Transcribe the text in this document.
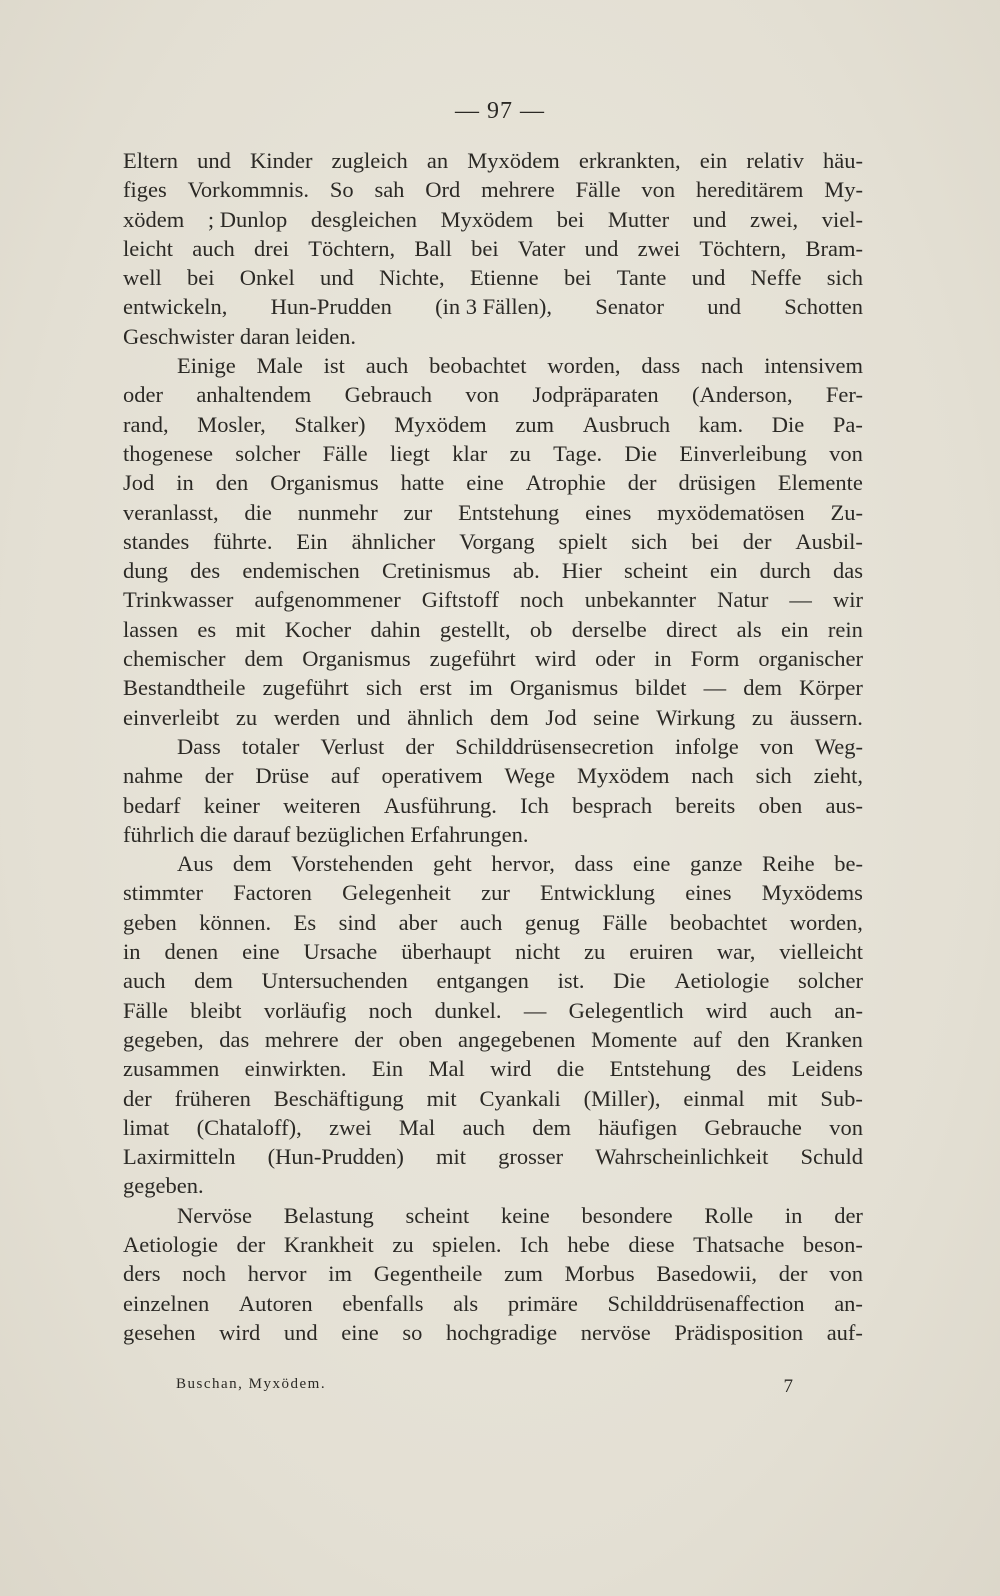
— 97 —
Eltern und Kinder zugleich an Myxödem erkrankten, ein relativ häu-
figes Vorkommnis. So sah Ord mehrere Fälle von hereditärem My-
xödem ; Dunlop desgleichen Myxödem bei Mutter und zwei, viel-
leicht auch drei Töchtern, Ball bei Vater und zwei Töchtern, Bram-
well bei Onkel und Nichte, Etienne bei Tante und Neffe sich
entwickeln, Hun-Prudden (in 3 Fällen), Senator und Schotten
Geschwister daran leiden.
Einige Male ist auch beobachtet worden, dass nach intensivem
oder anhaltendem Gebrauch von Jodpräparaten (Anderson, Fer-
rand, Mosler, Stalker) Myxödem zum Ausbruch kam. Die Pa-
thogenese solcher Fälle liegt klar zu Tage. Die Einverleibung von
Jod in den Organismus hatte eine Atrophie der drüsigen Elemente
veranlasst, die nunmehr zur Entstehung eines myxödematösen Zu-
standes führte. Ein ähnlicher Vorgang spielt sich bei der Ausbil-
dung des endemischen Cretinismus ab. Hier scheint ein durch das
Trinkwasser aufgenommener Giftstoff noch unbekannter Natur — wir
lassen es mit Kocher dahin gestellt, ob derselbe direct als ein rein
chemischer dem Organismus zugeführt wird oder in Form organischer
Bestandtheile zugeführt sich erst im Organismus bildet — dem Körper
einverleibt zu werden und ähnlich dem Jod seine Wirkung zu äussern.
Dass totaler Verlust der Schilddrüsensecretion infolge von Weg-
nahme der Drüse auf operativem Wege Myxödem nach sich zieht,
bedarf keiner weiteren Ausführung. Ich besprach bereits oben aus-
führlich die darauf bezüglichen Erfahrungen.
Aus dem Vorstehenden geht hervor, dass eine ganze Reihe be-
stimmter Factoren Gelegenheit zur Entwicklung eines Myxödems
geben können. Es sind aber auch genug Fälle beobachtet worden,
in denen eine Ursache überhaupt nicht zu eruiren war, vielleicht
auch dem Untersuchenden entgangen ist. Die Aetiologie solcher
Fälle bleibt vorläufig noch dunkel. — Gelegentlich wird auch an-
gegeben, das mehrere der oben angegebenen Momente auf den Kranken
zusammen einwirkten. Ein Mal wird die Entstehung des Leidens
der früheren Beschäftigung mit Cyankali (Miller), einmal mit Sub-
limat (Chataloff), zwei Mal auch dem häufigen Gebrauche von
Laxirmitteln (Hun-Prudden) mit grosser Wahrscheinlichkeit Schuld
gegeben.
Nervöse Belastung scheint keine besondere Rolle in der
Aetiologie der Krankheit zu spielen. Ich hebe diese Thatsache beson-
ders noch hervor im Gegentheile zum Morbus Basedowii, der von
einzelnen Autoren ebenfalls als primäre Schilddrüsenaffection an-
gesehen wird und eine so hochgradige nervöse Prädisposition auf-
Buschan, Myxödem.	7
